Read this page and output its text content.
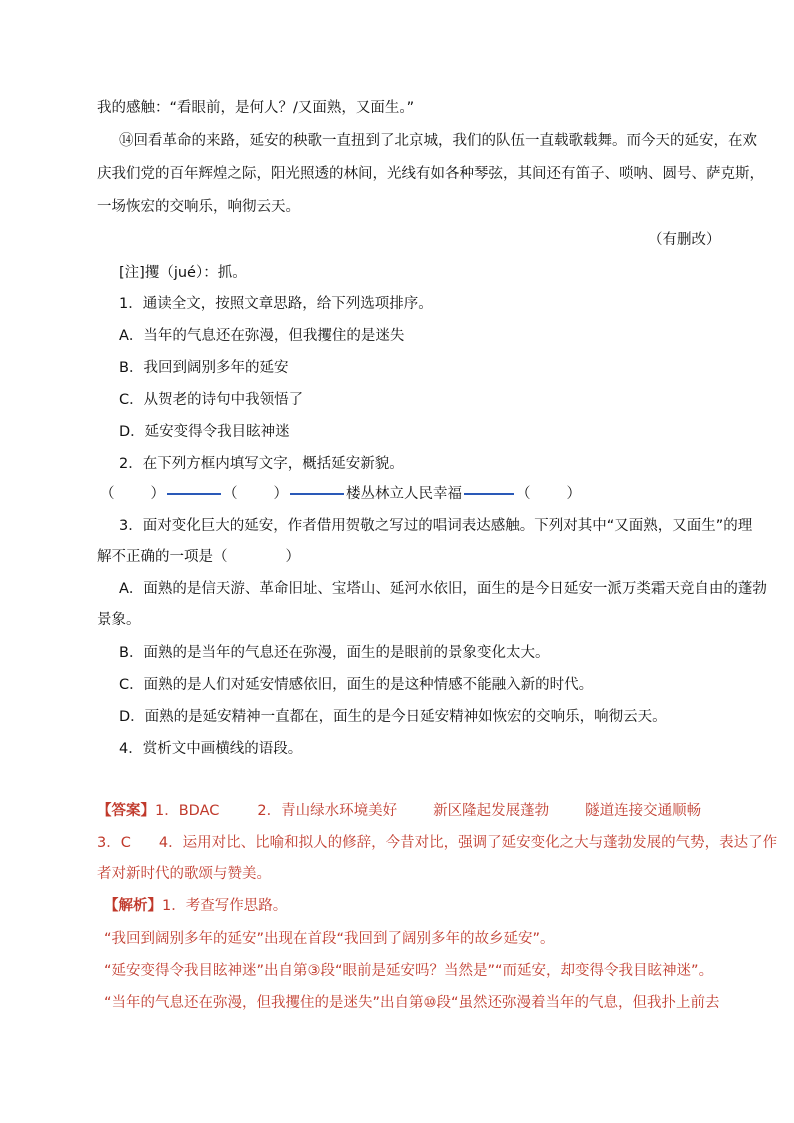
我的感触：“看眼前，是何人？/又面熟，又面生。”
⑭回看革命的来路，延安的秧歌一直扭到了北京城，我们的队伍一直载歌载舞。而今天的延安，在欢
庆我们党的百年辉煌之际，阳光照透的林间，光线有如各种琴弦，其间还有笛子、唢呐、圆号、萨克斯，
一场恢宏的交响乐，响彻云天。
（有删改）
[注]攫（jué）：抓。
1．通读全文，按照文章思路，给下列选项排序。
A．当年的气息还在弥漫，但我攫住的是迷失
B．我回到阔别多年的延安
C．从贺老的诗句中我领悟了
D．延安变得令我目眩神迷
2．在下列方框内填写文字，概括延安新貌。
（ ）	（ ）	楼丛林立人民幸福	（ ）
3．面对变化巨大的延安，作者借用贺敬之写过的唱词表达感触。下列对其中“又面熟，又面生”的理
解不正确的一项是（　　　　）
A．面熟的是信天游、革命旧址、宝塔山、延河水依旧，面生的是今日延安一派万类霜天竞自由的蓬勃
景象。
B．面熟的是当年的气息还在弥漫，面生的是眼前的景象变化太大。
C．面熟的是人们对延安情感依旧，面生的是这种情感不能融入新的时代。
D．面熟的是延安精神一直都在，面生的是今日延安精神如恢宏的交响乐，响彻云天。
4．赏析文中画横线的语段。
【答案】1．BDAC	2．青山绿水环境美好 新区隆起发展蓬勃 隧道连接交通顺畅
3．C 4．运用对比、比喻和拟人的修辞，今昔对比，强调了延安变化之大与蓬勃发展的气势，表达了作
者对新时代的歌颂与赞美。
【解析】1．考查写作思路。
“我回到阔别多年的延安”出现在首段“我回到了阔别多年的故乡延安”。
“延安变得令我目眩神迷”出自第③段“眼前是延安吗？当然是”“而延安，却变得令我目眩神迷”。
“当年的气息还在弥漫，但我攫住的是迷失”出自第⑩段“虽然还弥漫着当年的气息，但我扑上前去
